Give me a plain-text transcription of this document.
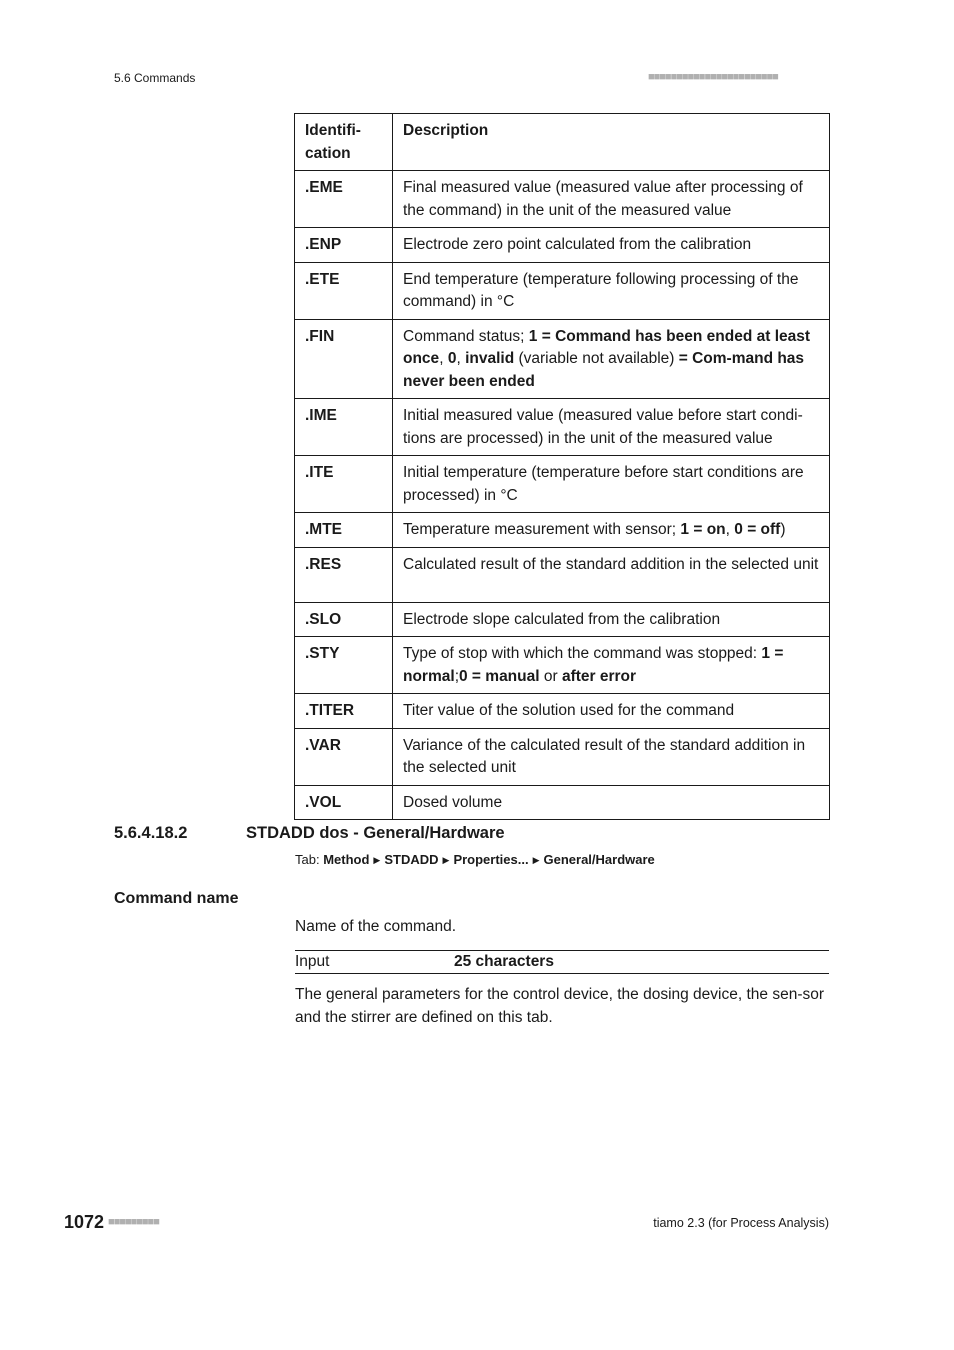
5.6 Commands	■■■■■■■■■■■■■■■■■■■■■■■
Identifi-
cation	Description
.EME	Final measured value (measured value after processing of the command) in the unit of the measured value
.ENP	Electrode zero point calculated from the calibration
.ETE	End temperature (temperature following processing of the command) in °C
.FIN	Command status; 1 = Command has been ended at least once, 0, invalid (variable not available) = Com-mand has never been ended
.IME	Initial measured value (measured value before start condi-tions are processed) in the unit of the measured value
.ITE	Initial temperature (temperature before start conditions are processed) in °C
.MTE	Temperature measurement with sensor; 1 = on, 0 = off)
.RES	Calculated result of the standard addition in the selected unit
.SLO	Electrode slope calculated from the calibration
.STY	Type of stop with which the command was stopped: 1 = normal;0 = manual or after error
.TITER	Titer value of the solution used for the command
.VAR	Variance of the calculated result of the standard addition in the selected unit
.VOL	Dosed volume
5.6.4.18.2	STDADD dos - General/Hardware
Tab: Method ▶ STDADD ▶ Properties... ▶ General/Hardware
Command name
Name of the command.
Input	25 characters
The general parameters for the control device, the dosing device, the sen-sor and the stirrer are defined on this tab.
1072 ■■■■■■■■■	tiamo 2.3 (for Process Analysis)
